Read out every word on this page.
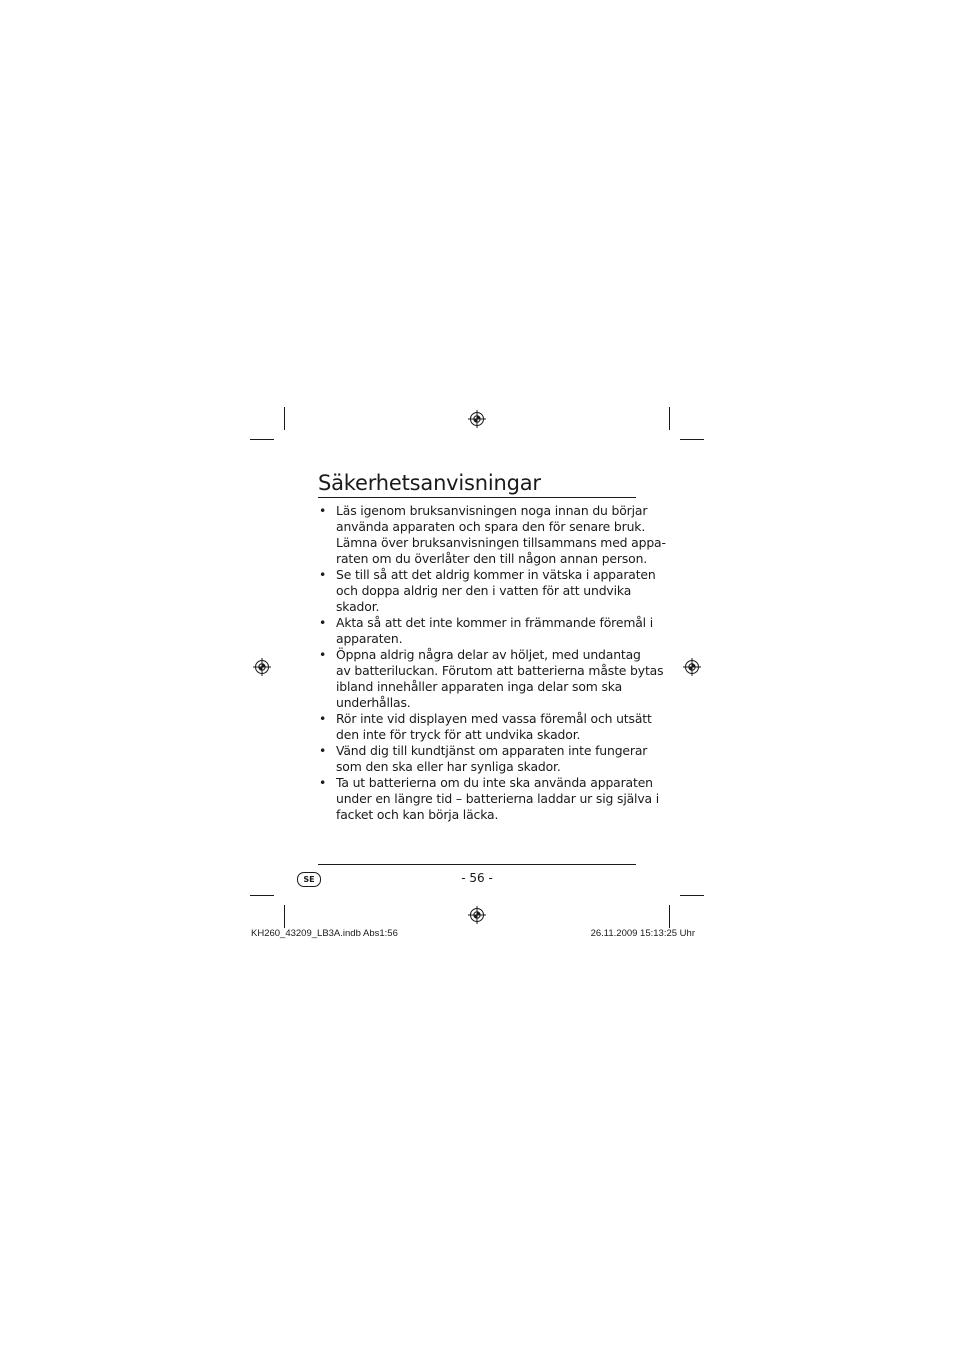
Säkerhetsanvisningar
• Läs igenom bruksanvisningen noga innan du börjar
använda apparaten och spara den för senare bruk.
Lämna över bruksanvisningen tillsammans med appa-
raten om du överlåter den till någon annan person.
• Se till så att det aldrig kommer in vätska i apparaten
och doppa aldrig ner den i vatten för att undvika
skador.
• Akta så att det inte kommer in främmande föremål i
apparaten.
• Öppna aldrig några delar av höljet, med undantag
av batteriluckan. Förutom att batterierna måste bytas
ibland innehåller apparaten inga delar som ska
underhållas.
• Rör inte vid displayen med vassa föremål och utsätt
den inte för tryck för att undvika skador.
• Vänd dig till kundtjänst om apparaten inte fungerar
som den ska eller har synliga skador.
• Ta ut batterierna om du inte ska använda apparaten
under en längre tid – batterierna laddar ur sig själva i
facket och kan börja läcka.
SE	- 56 -
KH260_43209_LB3A.indb Abs1:56	26.11.2009 15:13:25 Uhr
